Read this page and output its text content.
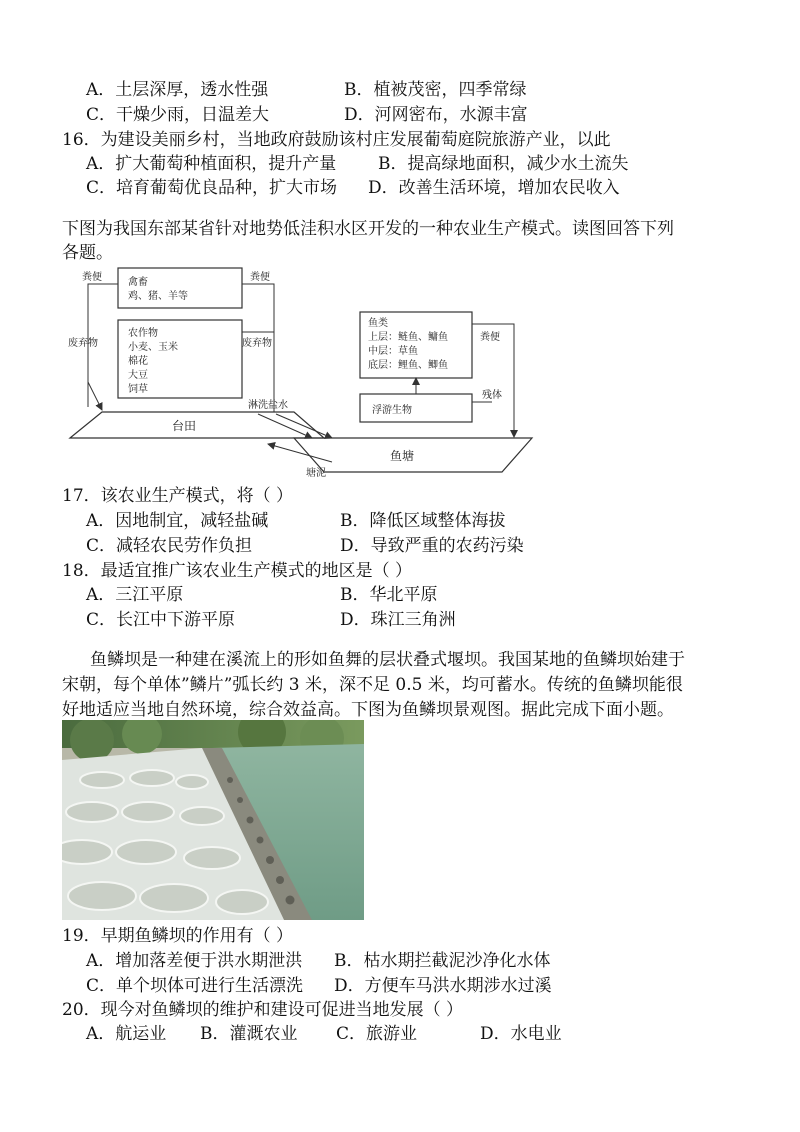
A．土层深厚，透水性强	B．植被茂密，四季常绿
C．干燥少雨，日温差大	D．河网密布，水源丰富
16．为建设美丽乡村，当地政府鼓励该村庄发展葡萄庭院旅游产业，以此
A．扩大葡萄种植面积，提升产量 B．提高绿地面积，减少水土流失
C．培育葡萄优良品种，扩大市场 D．改善生活环境，增加农民收入
下图为我国东部某省针对地势低洼积水区开发的一种农业生产模式。读图回答下列
各题。
禽畜
鸡、猪、羊等
农作物
小麦、玉米
棉花
大豆
饲草
粪便
废弃物
粪便
废弃物
鱼类
上层：鲢鱼、鳙鱼
中层：草鱼
底层：鲤鱼、鲫鱼
粪便
浮游生物
残体
台田
鱼塘
淋洗盐水
塘泥
17．该农业生产模式，将（ ）
A．因地制宜，减轻盐碱	B．降低区域整体海拔
C．减轻农民劳作负担	D．导致严重的农药污染
18．最适宜推广该农业生产模式的地区是（ ）
A．三江平原	B．华北平原
C．长江中下游平原	D．珠江三角洲
鱼鳞坝是一种建在溪流上的形如鱼舞的层状叠式堰坝。我国某地的鱼鳞坝始建于
宋朝，每个单体”鳞片”弧长约 3 米，深不足 0.5 米，均可蓄水。传统的鱼鳞坝能很
好地适应当地自然环境，综合效益高。下图为鱼鳞坝景观图。据此完成下面小题。
19．早期鱼鳞坝的作用有（ ）
A．增加落差便于洪水期泄洪 B．枯水期拦截泥沙净化水体
C．单个坝体可进行生活漂洗 D．方便车马洪水期涉水过溪
20．现今对鱼鳞坝的维护和建设可促进当地发展（ ）
A．航运业 B．灌溉农业 C．旅游业	D．水电业
